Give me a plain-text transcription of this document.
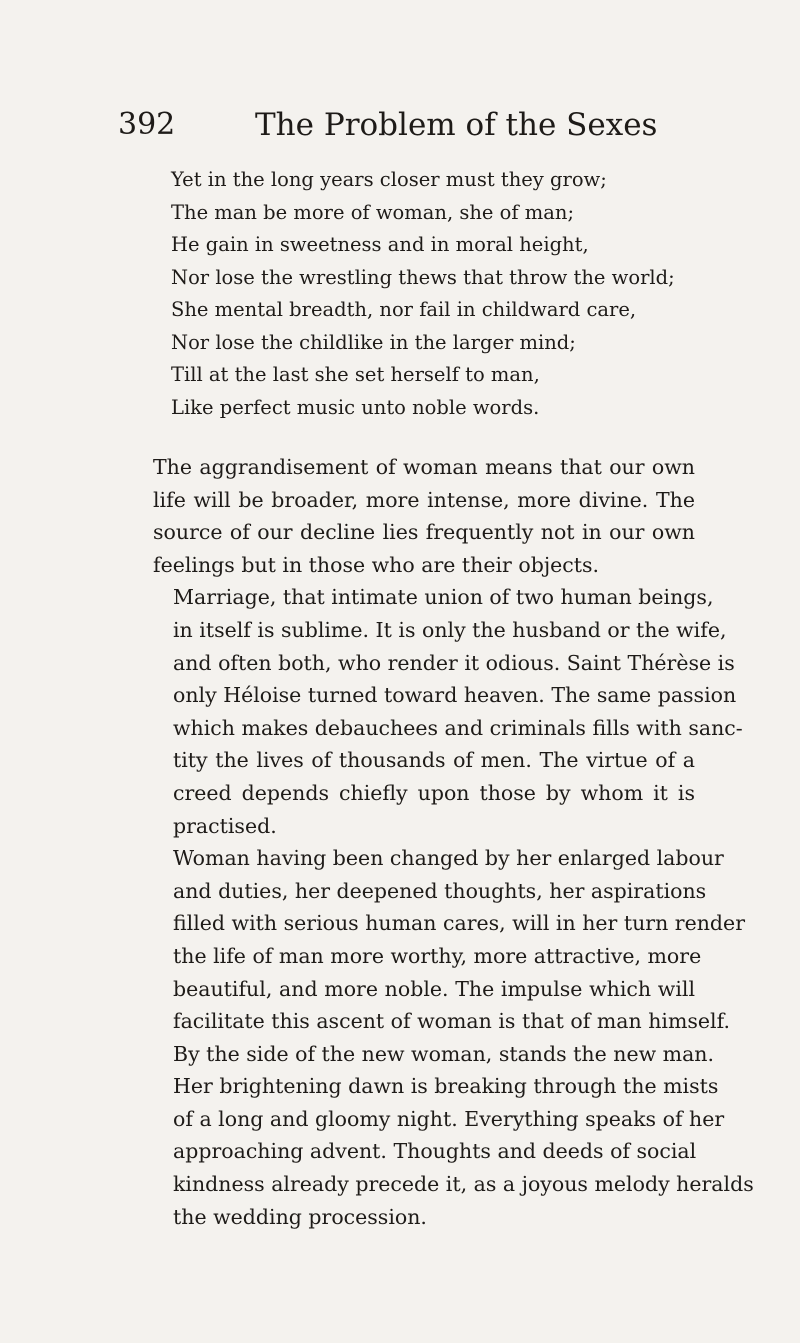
392	The Problem of the Sexes
Yet in the long years closer must they grow;
The man be more of woman, she of man;
He gain in sweetness and in moral height,
Nor lose the wrestling thews that throw the world;
She mental breadth, nor fail in childward care,
Nor lose the childlike in the larger mind;
Till at the last she set herself to man,
Like perfect music unto noble words.
The aggrandisement of woman means that our own
life will be broader, more intense, more divine. The
source of our decline lies frequently not in our own
feelings but in those who are their objects.
Marriage, that intimate union of two human beings,
in itself is sublime. It is only the husband or the wife,
and often both, who render it odious. Saint Thérèse is
only Héloise turned toward heaven. The same passion
which makes debauchees and criminals fills with sanc-
tity the lives of thousands of men. The virtue of a
creed depends chiefly upon those by whom it is
practised.
Woman having been changed by her enlarged labour
and duties, her deepened thoughts, her aspirations
filled with serious human cares, will in her turn render
the life of man more worthy, more attractive, more
beautiful, and more noble. The impulse which will
facilitate this ascent of woman is that of man himself.
By the side of the new woman, stands the new man.
Her brightening dawn is breaking through the mists
of a long and gloomy night. Everything speaks of her
approaching advent. Thoughts and deeds of social
kindness already precede it, as a joyous melody heralds
the wedding procession.
